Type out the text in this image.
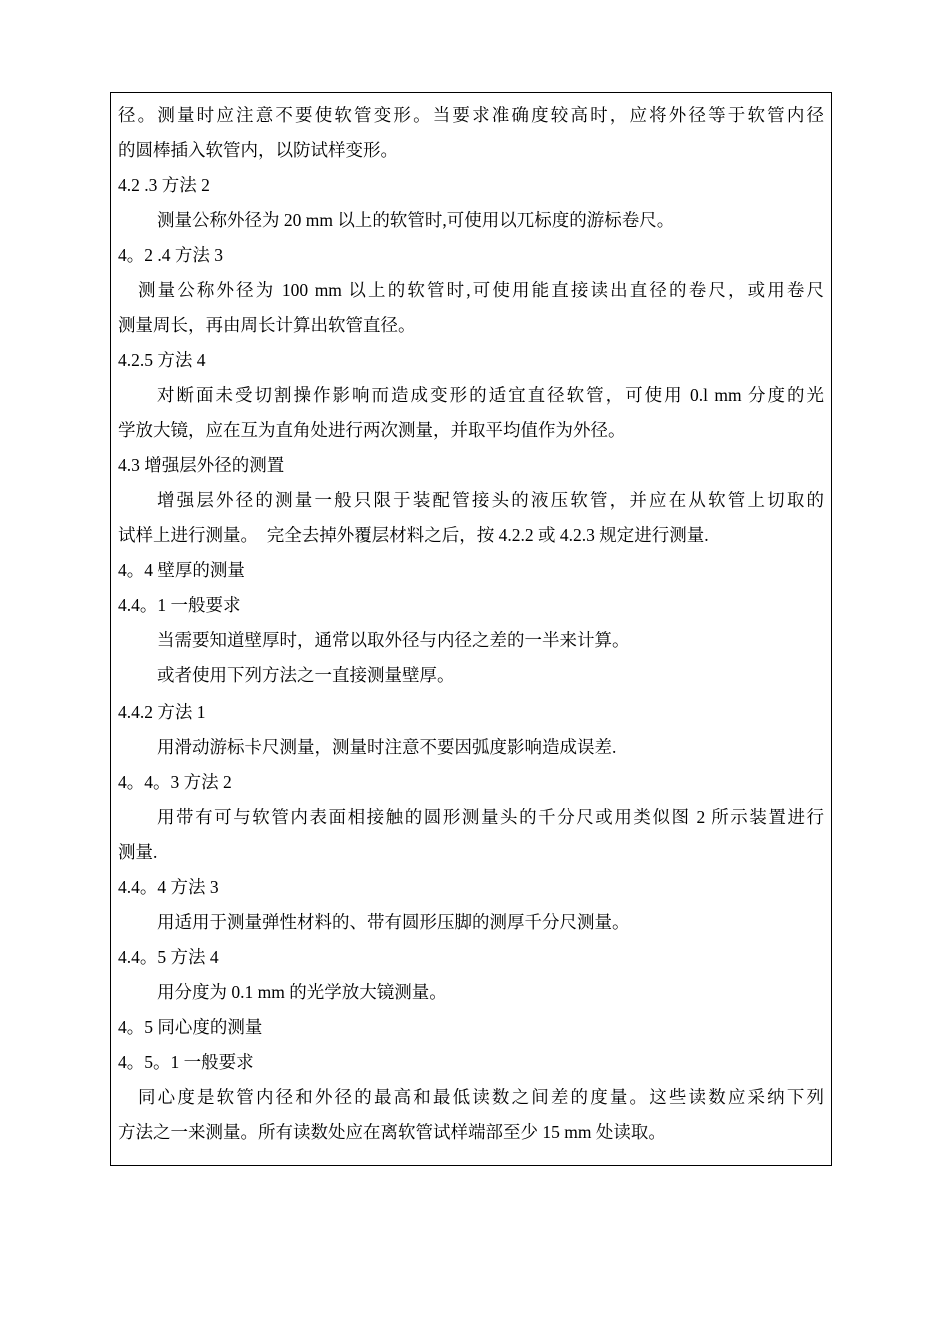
径。测量时应注意不要使软管变形。当要求准确度较高时，应将外径等于软管内径
的圆棒插入软管内，以防试样变形。
4.2 .3 方法 2
测量公称外径为 20 mm 以上的软管时,可使用以兀标度的游标卷尺。
4。2 .4 方法 3
测量公称外径为 100 mm 以上的软管时,可使用能直接读出直径的卷尺，或用卷尺
测量周长，再由周长计算出软管直径。
4.2.5 方法 4
对断面未受切割操作影响而造成变形的适宜直径软管，可使用 0.l mm 分度的光
学放大镜，应在互为直角处进行两次测量，并取平均值作为外径。
4.3 增强层外径的测置
增强层外径的测量一般只限于装配管接头的液压软管，并应在从软管上切取的
试样上进行测量。　完全去掉外覆层材料之后，按 4.2.2 或 4.2.3 规定进行测量.
4。4 壁厚的测量
4.4。1 一般要求
当需要知道壁厚时，通常以取外径与内径之差的一半来计算。
或者使用下列方法之一直接测量壁厚。
4.4.2 方法 1
用滑动游标卡尺测量，测量时注意不要因弧度影响造成误差.
4。4。3 方法 2
用带有可与软管内表面相接触的圆形测量头的千分尺或用类似图 2 所示装置进行
测量.
4.4。4 方法 3
用适用于测量弹性材料的、带有圆形压脚的测厚千分尺测量。
4.4。5 方法 4
用分度为 0.1 mm 的光学放大镜测量。
4。5 同心度的测量
4。5。1 一般要求
同心度是软管内径和外径的最高和最低读数之间差的度量。这些读数应采纳下列
方法之一来测量。所有读数处应在离软管试样端部至少 15 mm 处读取。
